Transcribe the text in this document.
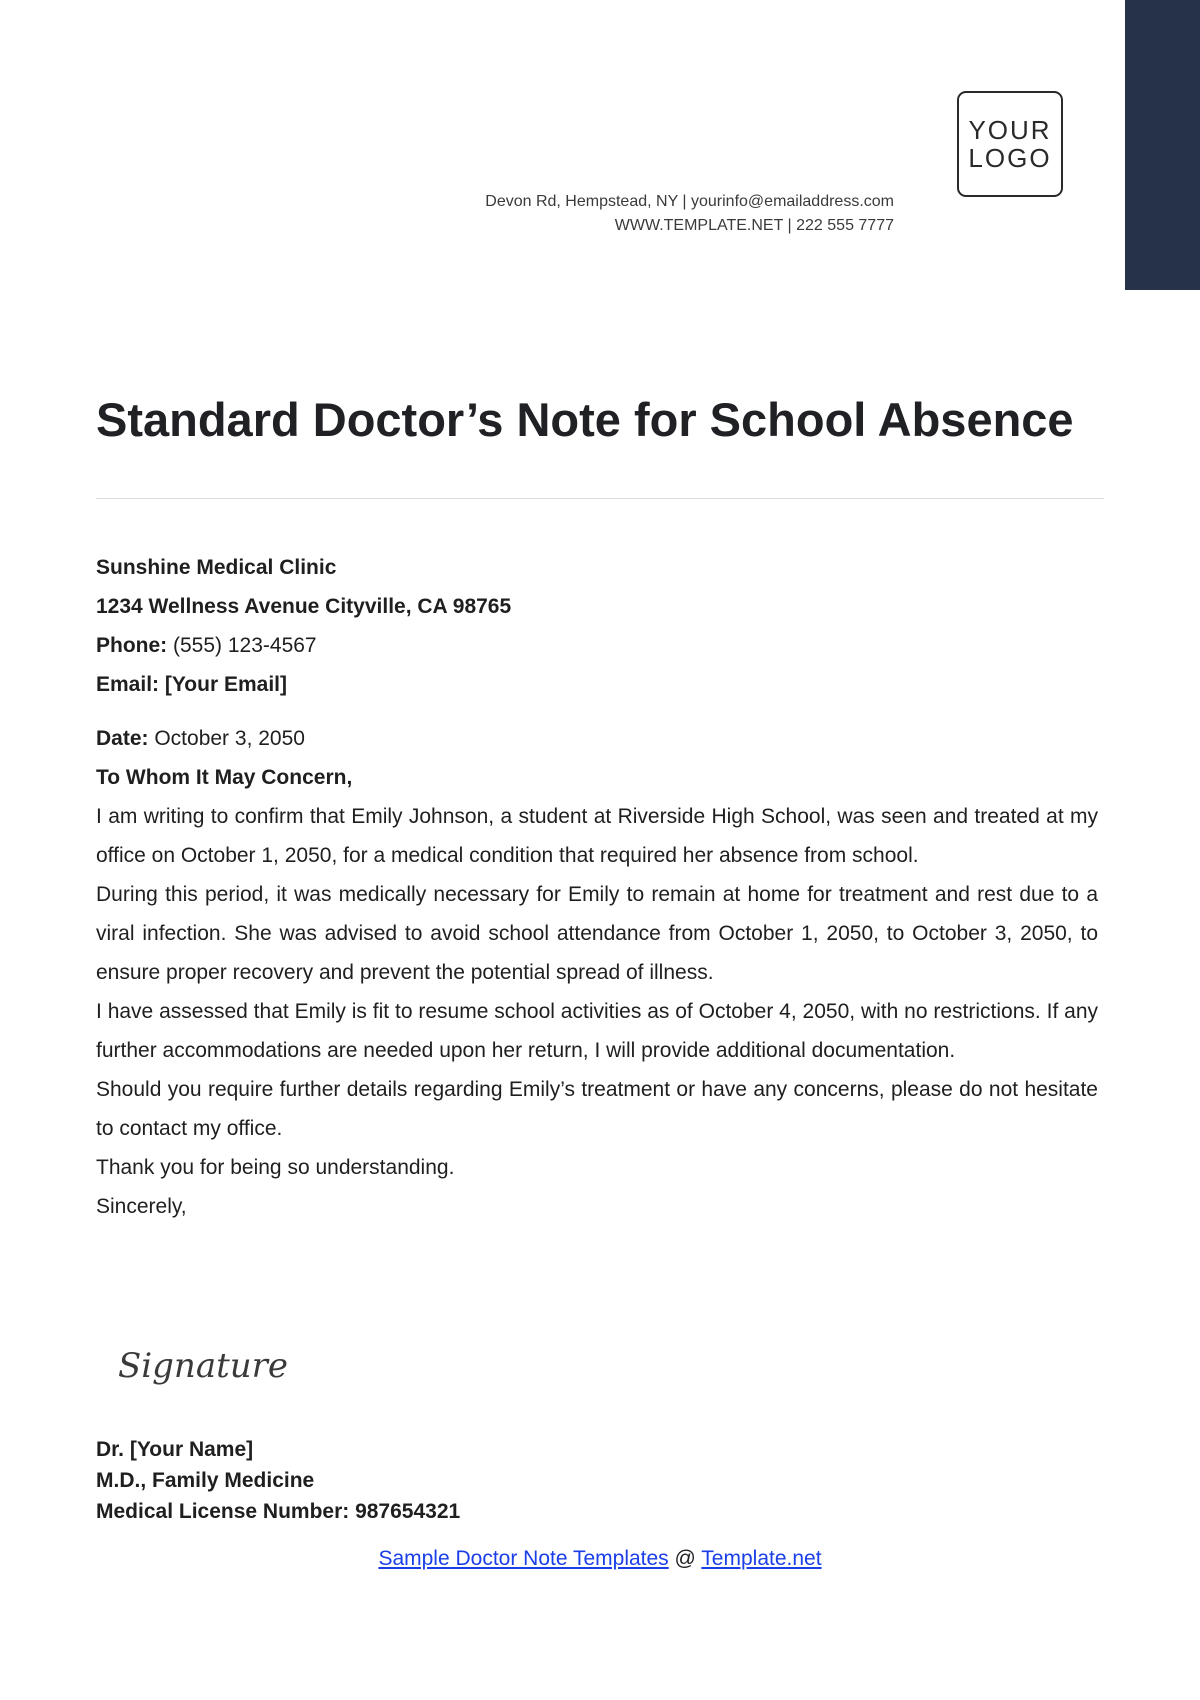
YOUR
LOGO
Devon Rd, Hempstead, NY | yourinfo@emailaddress.com
WWW.TEMPLATE.NET | 222 555 7777
Standard Doctor’s Note for School Absence

Sunshine Medical Clinic

1234 Wellness Avenue Cityville, CA 98765

Phone: (555) 123-4567

Email: [Your Email]

Date: October 3, 2050

To Whom It May Concern,

I am writing to confirm that Emily Johnson, a student at Riverside High School, was seen and treated at my office on October 1, 2050, for a medical condition that required her absence from school.

During this period, it was medically necessary for Emily to remain at home for treatment and rest due to a viral infection. She was advised to avoid school attendance from October 1, 2050, to October 3, 2050, to ensure proper recovery and prevent the potential spread of illness.

I have assessed that Emily is fit to resume school activities as of October 4, 2050, with no restrictions. If any further accommodations are needed upon her return, I will provide additional documentation.

Should you require further details regarding Emily’s treatment or have any concerns, please do not hesitate to contact my office.

Thank you for being so understanding.

Sincerely,

Signature

Dr. [Your Name]

M.D., Family Medicine

Medical License Number: 987654321

Sample Doctor Note Templates @ Template.net
